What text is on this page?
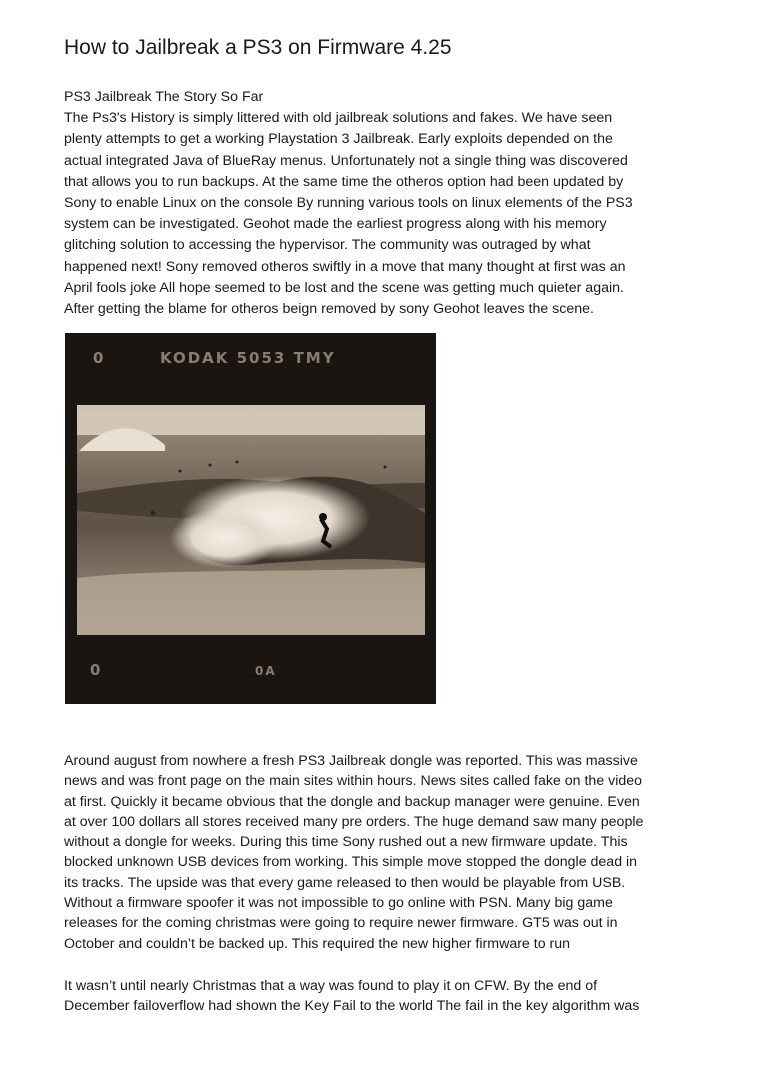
How to Jailbreak a PS3 on Firmware 4.25
PS3 Jailbreak The Story So Far
The Ps3's History is simply littered with old jailbreak solutions and fakes. We have seen
plenty attempts to get a working Playstation 3 Jailbreak. Early exploits depended on the
actual integrated Java of BlueRay menus. Unfortunately not a single thing was discovered
that allows you to run backups. At the same time the otheros option had been updated by
Sony to enable Linux on the console By running various tools on linux elements of the PS3
system can be investigated. Geohot made the earliest progress along with his memory
glitching solution to accessing the hypervisor. The community was outraged by what
happened next! Sony removed otheros swiftly in a move that many thought at first was an
April fools joke All hope seemed to be lost and the scene was getting much quieter again.
After getting the blame for otheros beign removed by sony Geohot leaves the scene.
KODAK 5053 TMY
0
0	0A
Around august from nowhere a fresh PS3 Jailbreak dongle was reported. This was massive
news and was front page on the main sites within hours. News sites called fake on the video
at first. Quickly it became obvious that the dongle and backup manager were genuine. Even
at over 100 dollars all stores received many pre orders. The huge demand saw many people
without a dongle for weeks. During this time Sony rushed out a new firmware update. This
blocked unknown USB devices from working. This simple move stopped the dongle dead in
its tracks. The upside was that every game released to then would be playable from USB.
Without a firmware spoofer it was not impossible to go online with PSN. Many big game
releases for the coming christmas were going to require newer firmware. GT5 was out in
October and couldn’t be backed up. This required the new higher firmware to run
It wasn’t until nearly Christmas that a way was found to play it on CFW. By the end of
December failoverflow had shown the Key Fail to the world The fail in the key algorithm was
